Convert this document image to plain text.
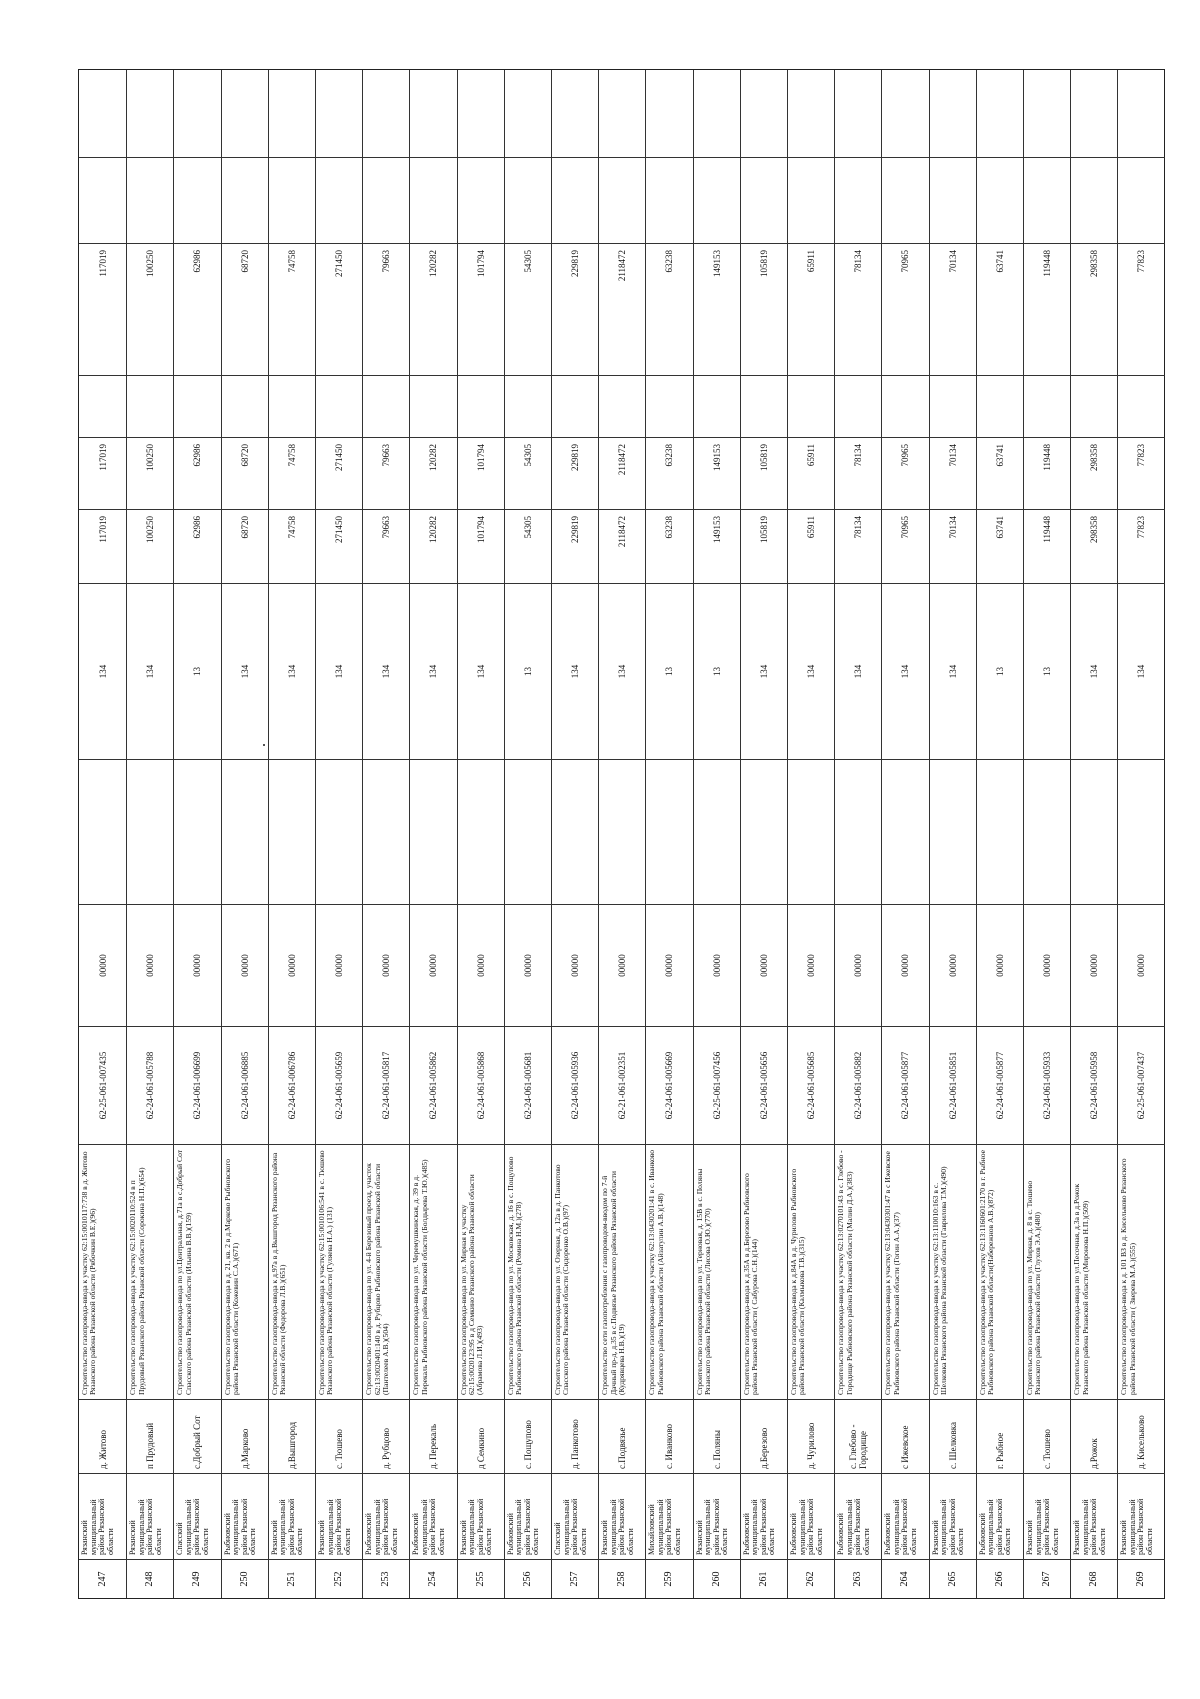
247
Рязанский муниципальный район Рязанской области
д. Житово
Строительство газопровода-ввода к участку 62:15:0010117:738 в д. Житово Рязанского района Рязанской области (Рябочкин В.Е.)(96)
62-25-061-007435
00000
134
117019
117019
117019
248
Рязанский муниципальный район Рязанской области
п Прудовый
Строительство газопровода-ввода к участку 62:15:0020110:524 в п Прудовый Рязанского района Рязанской области (Сорокина Н.П.)(654)
62-24-061-005788
00000
134
100250
100250
100250
249
Спасский муниципальный район Рязанской области
с.Добрый Сот
Строительство газопровода-ввода по ул.Центральная, д.71а в с.Добрый Сот Спасского района Рязанской области (Ильина В.В.)(159)
62-24-061-006699
00000
13
62986
62986
62986
250
Рыбновский муниципальный район Рязанской области
д.Марково
Строительство газопровода-ввода в д. 21, кв. 2 в д.Марково Рыбновского района Рязанской области (Кожевин С.А.)(671)
62-24-061-006885
00000
134
68720
68720
68720
251
Рязанский муниципальный район Рязанской области
д.Вышгород
Строительство газопровода-ввода к д.97а в д.Вышгород Рязанского района Рязанской области (Федорова Л.В.)(651)
62-24-061-006786
00000
134
74758
74758
74758
252
Рязанский муниципальный район Рязанской области
с. Тюшево
Строительство газопровода-ввода к участку 62:15:0010106:541 в с. Тюшево Рязанского района Рязанской области (Гуляева Н.А.) (131)
62-24-061-005659
00000
134
271450
271450
271450
253
Рыбновский муниципальный район Рязанской области
д. Рубцово
Строительство газопровода-ввода по ул. 4-й Березовый проезд, участок 62:13:0020401:140 в д. Рубцово Рыбновского района Рязанской области (Пантелеев А.В.)(504)
62-24-061-005817
00000
134
79663
79663
79663
254
Рыбновский муниципальный район Рязанской области
д. Перекаль
Строительство газопровода-ввода по ул. Черемушкинская, д. 39 в д. Перекаль Рыбновского района Рязанской области (Болдырева Т.Ю.)(485)
62-24-061-005862
00000
134
120282
120282
120282
255
Рязанский муниципальный район Рязанской области
д Семкино
Строительство газопровода-ввода по ул. Мирная к участку 62:15:0020123:95 в д Семкино Рязанского района Рязанской области (Абрамова Л.И.)(493)
62-24-061-005868
00000
134
101794
101794
101794
256
Рыбновский муниципальный район Рязанской области
с. Пощупово
Строительство газопровода-ввода по ул. Московская, д. 16 в с. Пощупово Рыбновского района Рязанской области (Ромина Н.М.)(278)
62-24-061-005681
00000
13
54305
54305
54305
257
Спасский муниципальный район Рязанской области
д. Панкотово
Строительство газопровода-ввода по ул. Озерная, д. 12а в д. Панкотово Спасского района Рязанской области (Сидоренко О.В.)(97)
62-24-061-005936
00000
134
229819
229819
229819
258
Рязанский муниципальный район Рязанской области
с.Подвязье
Строительство сети газопотребления с газопроводом-вводом по 7-й Дачный пр-д, д.35 в с.Подвязье Рязанского района Рязанской области (Кудрявцева Н.В.)(19)
62-21-061-002351
00000
134
2118472
2118472
2118472
259
Михайловский муниципальный район Рязанской области
с. Иванково
Строительство газопровода-ввода к участку 62:13:0430201:41 в с. Иванково Рыбновского района Рязанской области (Айзатулин А.В.)(148)
62-24-061-005669
00000
13
63238
63238
63238
260
Рязанский муниципальный район Рязанской области
с. Поляны
Строительство газопровода-ввода по ул. Терновая, д. 15В в с. Поляны Рязанского района Рязанской области (Лисова О.Ю.)(770)
62-25-061-007456
00000
13
149153
149153
149153
261
Рыбновский муниципальный район Рязанской области
д.Березово
Строительство газопровода-ввода к д.35А в д.Березово Рыбновского района Рязанской области ( Сабурова С.Н.)(144)
62-24-061-005656
00000
134
105819
105819
105819
262
Рыбновский муниципальный район Рязанской области
д. Чурилово
Строительство газопровода-ввода к д.84А в д. Чурилово Рыбновского района Рязанской области (Калмыкова Т.В.)(315)
62-24-061-005685
00000
134
65911
65911
65911
263
Рыбновский муниципальный район Рязанской области
с. Глебово - Городище
Строительство газопровода-ввода к участку 62:13:0270101:43 в с. Глебово - Городище Рыбновского района Рязанской области (Малин Д.А.)(383)
62-24-061-005882
00000
134
78134
78134
78134
264
Рыбновский муниципальный район Рязанской области
с Ижевское
Строительство газопровода-ввода к участку 62:13:0430301:47 в с Ижевское Рыбновского района Рязанской области (Гогин А.А.)(37)
62-24-061-005877
00000
134
70965
70965
70965
265
Рязанский муниципальный район Рязанской области
с. Шелковка
Строительство газопровода-ввода к участку 62:13:110010:163 в с. Шелковка Рязанского района Рязанской области (Гаврилова Т.М.)(490)
62-24-061-005851
00000
134
70134
70134
70134
266
Рыбновский муниципальный район Рязанской области
г. Рыбное
Строительство газопровода-ввода к участку 62:13:1160601:2170 в г. Рыбное Рыбновского района Рязанской области(Набережнов А.В.)(872)
62-24-061-005877
00000
13
63741
63741
63741
267
Рязанский муниципальный район Рязанской области
с. Тюшево
Строительство газопровода-ввода по ул. Мирная, д. 8 в с. Тюшево Рязанского района Рязанской области (Глухов Э.А.)(480)
62-24-061-005933
00000
13
119448
119448
119448
268
Рязанский муниципальный район Рязанской области
д.Рожок
Строительство газопровода-ввода по ул.Песочная, д.3а в д.Рожок Рязанского района Рязанской области (Миронова Н.П.)(509)
62-24-061-005958
00000
134
298358
298358
298358
269
Рязанский муниципальный район Рязанской области
д. Кисельково
Строительство газопровода-ввода к д. 101 ВЗ в д. Кисельково Рязанского района Рязанской области ( Зверева М.А.)(555)
62-25-061-007437
00000
134
77823
77823
77823
